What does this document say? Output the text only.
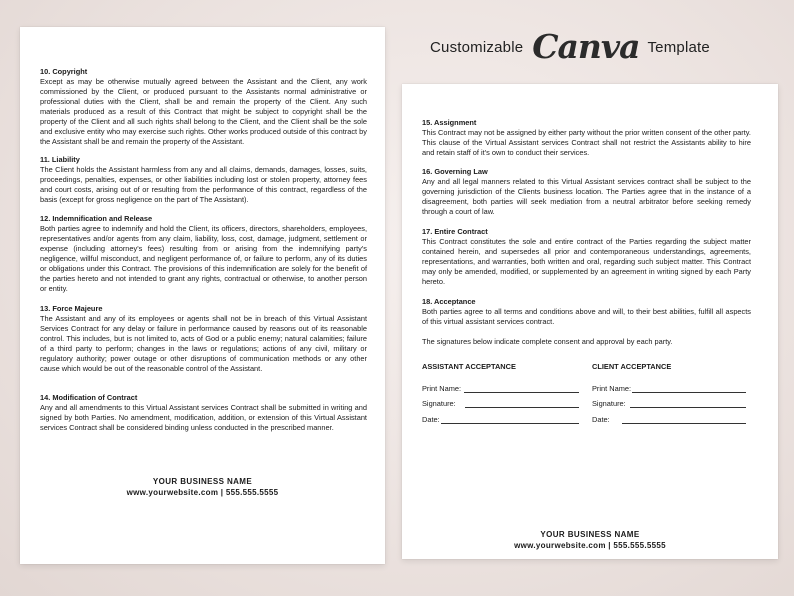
Customizable Canva Template
10. Copyright

Except as may be otherwise mutually agreed between the Assistant and the Client, any work commissioned by the Client, or produced pursuant to the Assistants normal administrative or professional duties with the Client, shall be and remain the property of the Client. Any such materials produced as a result of this Contract that might be subject to copyright shall be the property of the Client and all such rights shall belong to the Client, and the Client shall be the sole and exclusive entity who may exercise such rights. Other works produced outside of this contract by the Assistant shall be and remain the property of the Assistant.

11. Liability

The Client holds the Assistant harmless from any and all claims, demands, damages, losses, suits, proceedings, penalties, expenses, or other liabilities including lost or stolen property, attorney fees and court costs, arising out of or resulting from the performance of this contract, regardless of the basis (except for gross negligence on the part of The Assistant).

12. Indemnification and Release

Both parties agree to indemnify and hold the Client, its officers, directors, shareholders, employees, representatives and/or agents from any claim, liability, loss, cost, damage, judgment, settlement or expense (including attorney's fees) resulting from or arising from the indemnifying party's negligence, willful misconduct, and negligent performance of, or failure to perform, any of its duties or obligations under this Contract. The provisions of this indemnification are solely for the benefit of the parties hereto and not intended to grant any rights, contractual or otherwise, to another person or entity.

13. Force Majeure

The Assistant and any of its employees or agents shall not be in breach of this Virtual Assistant Services Contract for any delay or failure in performance caused by reasons out of its reasonable control. This includes, but is not limited to, acts of God or a public enemy; natural calamities; failure of a third party to perform; changes in the laws or regulations; actions of any civil, military or regulatory authority; power outage or other disruptions of communication methods or any other cause which would be out of the reasonable control of the Assistant.

14. Modification of Contract

Any and all amendments to this Virtual Assistant services Contract shall be submitted in writing and signed by both Parties. No amendment, modification, addition, or extension of this Virtual Assistant services Contract shall be considered binding unless conducted in the prescribed manner.

YOUR BUSINESS NAME
www.yourwebsite.com | 555.555.5555
15. Assignment

This Contract may not be assigned by either party without the prior written consent of the other party. This clause of the Virtual Assistant services Contract shall not restrict the Assistants ability to hire and retain staff of it's own to conduct their services.

16. Governing Law

Any and all legal manners related to this Virtual Assistant services contract shall be subject to the governing jurisdiction of the Clients business location. The Parties agree that in the instance of a disagreement, both parties will seek mediation from a neutral arbitrator before seeking remedy through a court of law.

17. Entire Contract

This Contract constitutes the sole and entire contract of the Parties regarding the subject matter contained herein, and supersedes all prior and contemporaneous understandings, agreements, representations, and warranties, both written and oral, regarding such subject matter. This Contract may only be amended, modified, or supplemented by an agreement in writing signed by each Party hereto.

18. Acceptance

Both parties agree to all terms and conditions above and will, to their best abilities, fulfill all aspects of this virtual assistant services contract.

The signatures below indicate complete consent and approval by each party.

ASSISTANT ACCEPTANCE
Print Name:
Signature:
Date:
CLIENT ACCEPTANCE
Print Name:
Signature:
Date:
YOUR BUSINESS NAME
www.yourwebsite.com | 555.555.5555
